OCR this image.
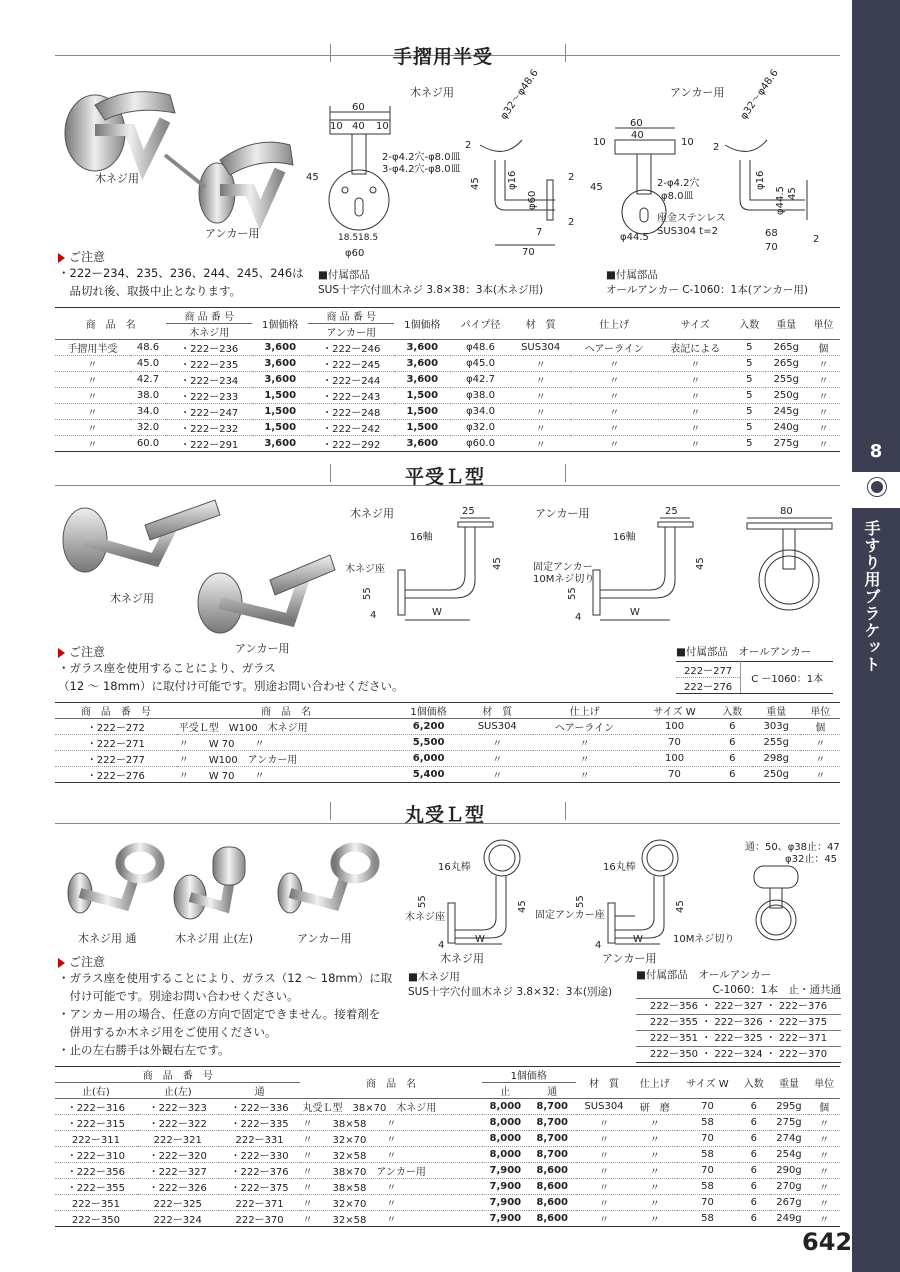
8
手すり用ブラケット
手摺用半受
木ネジ用
アンカー用
木ネジ用	アンカー用
60
10 40 10
45
2-φ4.2穴-φ8.0皿
3-φ4.2穴-φ8.0皿
18.5 18.5
φ60
φ32〜φ48.6
2
45	φ16
φ60
2
2
7
70
60
10
40
10
45	2-φ4.2穴
φ8.0皿
座金ステンレス
SUS304 t=2
φ44.5
φ32〜φ48.6
2
φ16
φ44.5 45
68
70
2
ご注意
・222ー234、235、236、244、245、246は
　品切れ後、取扱中止となります。
■付属部品
SUS十字穴付皿木ネジ 3.8×38：3本(木ネジ用)
■付属部品
オールアンカー C-1060：1本(アンカー用)
商　品　名		商 品 番 号	1個価格	商 品 番 号	1個価格	パイプ径	材　質	仕上げ	サイズ	入数	重量	単位
		木ネジ用		アンカー用								
手摺用半受	48.6	・222ー236	3,600	・222ー246	3,600	φ48.6	SUS304	ヘアーライン	表記による	5	265g	個
〃	45.0	・222ー235	3,600	・222ー245	3,600	φ45.0	〃	〃	〃	5	265g	〃
〃	42.7	・222ー234	3,600	・222ー244	3,600	φ42.7	〃	〃	〃	5	255g	〃
〃	38.0	・222ー233	1,500	・222ー243	1,500	φ38.0	〃	〃	〃	5	250g	〃
〃	34.0	・222ー247	1,500	・222ー248	1,500	φ34.0	〃	〃	〃	5	245g	〃
〃	32.0	・222ー232	1,500	・222ー242	1,500	φ32.0	〃	〃	〃	5	240g	〃
〃	60.0	・222ー291	3,600	・222ー292	3,600	φ60.0	〃	〃	〃	5	275g	〃
平受Ｌ型
木ネジ用
アンカー用
木ネジ用	アンカー用
25
16軸
45
木ネジ座
55
4	W
25
16軸
45
固定アンカー
10Mネジ切り
55
4	W
80
ご注意
・ガラス座を使用することにより、ガラス
（12 ～ 18mm）に取付け可能です。別途お問い合わせください。
■付属部品　オールアンカー
222ー277	C ー1060：1本
222ー276
商　品　番　号	商　品　名	1個価格	材　質	仕上げ	サイズ W	入数	重量	単位
・222ー272	平受Ｌ型　W100　木ネジ用	6,200	SUS304	ヘアーライン	100	6	303g	個
・222ー271	〃　　W 70　　〃	5,500	〃	〃	70	6	255g	〃
・222ー277	〃　　W100　アンカー用	6,000	〃	〃	100	6	298g	〃
・222ー276	〃　　W 70　　〃	5,400	〃	〃	70	6	250g	〃
丸受Ｌ型
木ネジ用 通	木ネジ用 止(左)	アンカー用
16丸棒
45
55
木ネジ座
4
W
木ネジ用
16丸棒
45
55
固定アンカー座
4
W	10Mネジ切り
アンカー用
通：50、φ38止：47
φ32止：45
ご注意
・ガラス座を使用することにより、ガラス（12 ～ 18mm）に取
　付け可能です。別途お問い合わせください。
・アンカー用の場合、任意の方向で固定できません。接着剤を
　併用するか木ネジ用をご使用ください。
・止の左右勝手は外観右左です。
■木ネジ用
SUS十字穴付皿木ネジ 3.8×32：3本(別途)
■付属部品　オールアンカー
C-1060：1本　止・通共通
222ー356 ・ 222ー327 ・ 222ー376
222ー355 ・ 222ー326 ・ 222ー375
222ー351 ・ 222ー325 ・ 222ー371
222ー350 ・ 222ー324 ・ 222ー370
商　品　番　号			商　品　名	1個価格		材　質	仕上げ	サイズ W	入数	重量	単位
止(右)	止(左)	通		止	通						
・222ー316	・222ー323	・222ー336	丸受Ｌ型　38×70　木ネジ用	8,000	8,700	SUS304	研　磨	70	6	295g	個
・222ー315	・222ー322	・222ー335	〃　　38×58　　〃	8,000	8,700	〃	〃	58	6	275g	〃
222ー311	222ー321	222ー331	〃　　32×70　　〃	8,000	8,700	〃	〃	70	6	274g	〃
・222ー310	・222ー320	・222ー330	〃　　32×58　　〃	8,000	8,700	〃	〃	58	6	254g	〃
・222ー356	・222ー327	・222ー376	〃　　38×70　アンカー用	7,900	8,600	〃	〃	70	6	290g	〃
・222ー355	・222ー326	・222ー375	〃　　38×58　　〃	7,900	8,600	〃	〃	58	6	270g	〃
222ー351	222ー325	222ー371	〃　　32×70　　〃	7,900	8,600	〃	〃	70	6	267g	〃
222ー350	222ー324	222ー370	〃　　32×58　　〃	7,900	8,600	〃	〃	58	6	249g	〃
642
